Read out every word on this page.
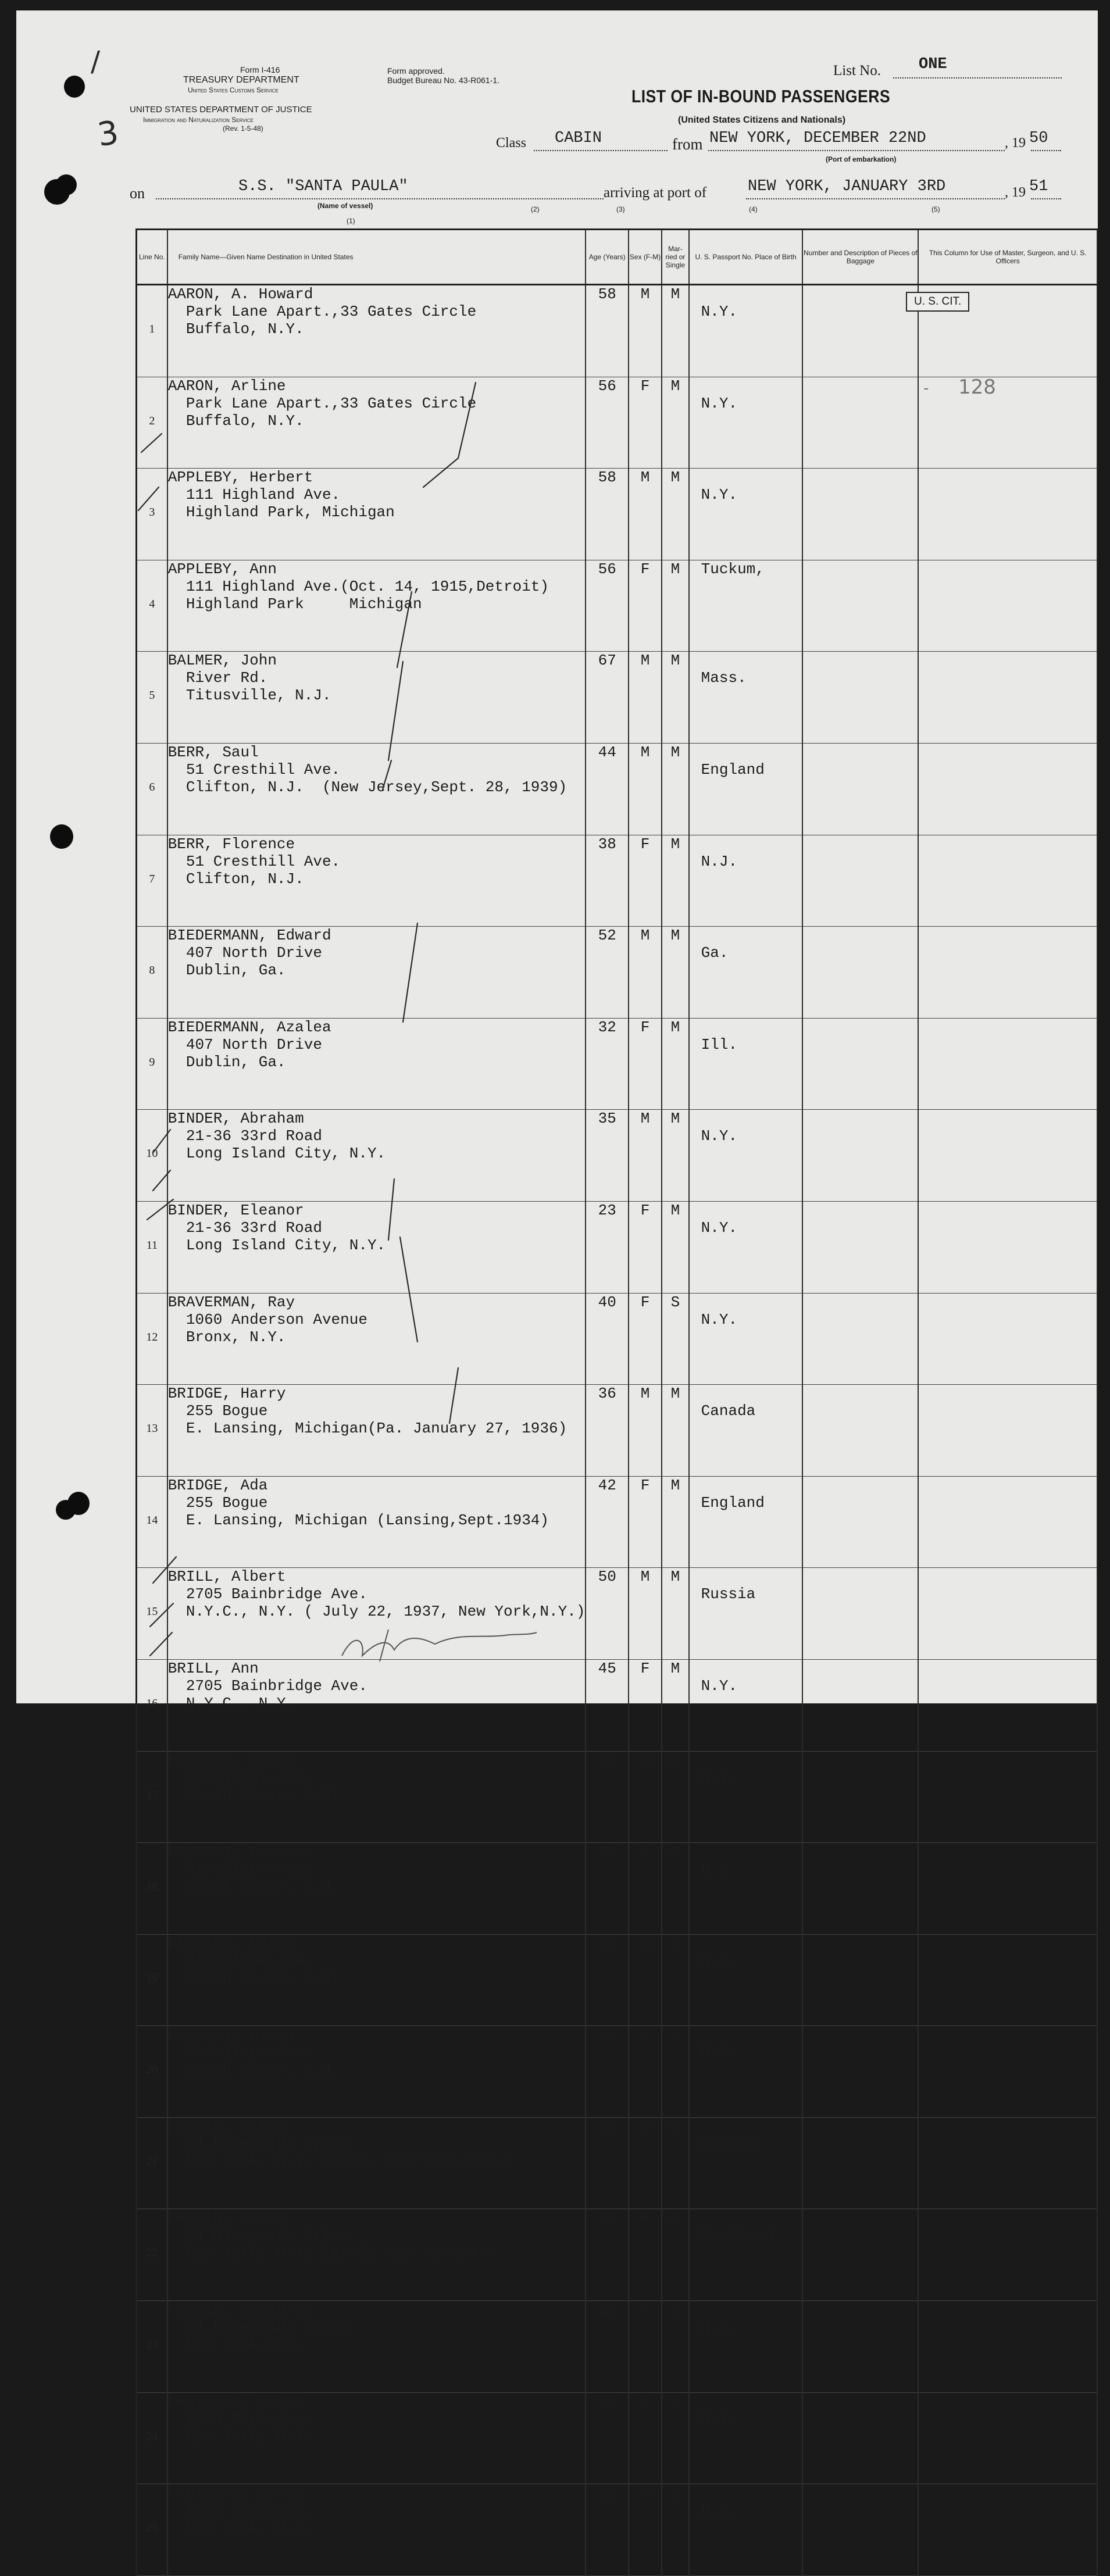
Form I-416
TREASURY DEPARTMENT
United States Customs Service
UNITED STATES DEPARTMENT OF JUSTICE
Immigration and Naturalization Service
(Rev. 1-5-48)
Form approved.
Budget Bureau No. 43-R061-1.
3
/	List No. ONE
LIST OF IN-BOUND PASSENGERS
(United States Citizens and Nationals)
Class CABIN	from NEW YORK, DECEMBER 22ND	, 19 50
(Port of embarkation)
on	S.S. "SANTA PAULA"
(Name of vessel)
arriving at port of	NEW YORK, JANUARY 3RD	, 19 51
(1)
(2)	(3)	(4)	(5)
Line No.	Family Name—Given Name Destination in United States	Age (Years)	Sex (F-M)	Mar-ried or Single	U. S. Passport No. Place of Birth	Number and Description of Pieces of Baggage	This Column for Use of Master, Surgeon, and U. S. Officers
1	AARON, A. Howard
Park Lane Apart.,33 Gates Circle
Buffalo, N.Y.	58	M	M	N.Y.		
2	AARON, Arline
Park Lane Apart.,33 Gates Circle
Buffalo, N.Y.	56	F	M	N.Y.		
3	APPLEBY, Herbert
111 Highland Ave.
Highland Park, Michigan	58	M	M	N.Y.		
4	APPLEBY, Ann
111 Highland Ave.(Oct. 14, 1915,Detroit)
Highland Park     Michigan	56	F	M	Tuckum,		
5	BALMER, John
River Rd.
Titusville, N.J.	67	M	M	Mass.		
6	BERR, Saul
51 Cresthill Ave.
Clifton, N.J.  (New Jersey,Sept. 28, 1939)	44	M	M	England		
7	BERR, Florence
51 Cresthill Ave.
Clifton, N.J.	38	F	M	N.J.		
8	BIEDERMANN, Edward
407 North Drive
Dublin, Ga.	52	M	M	Ga.		
9	BIEDERMANN, Azalea
407 North Drive
Dublin, Ga.	32	F	M	Ill.		
10	BINDER, Abraham
21-36 33rd Road
Long Island City, N.Y.	35	M	M	N.Y.		
11	BINDER, Eleanor
21-36 33rd Road
Long Island City, N.Y.	23	F	M	N.Y.		
12	BRAVERMAN, Ray
1060 Anderson Avenue
Bronx, N.Y.	40	F	S	N.Y.		
13	BRIDGE, Harry
255 Bogue
E. Lansing, Michigan(Pa. January 27, 1936)	36	M	M	Canada		
14	BRIDGE, Ada
255 Bogue
E. Lansing, Michigan (Lansing,Sept.1934)	42	F	M	England		
15	BRILL, Albert
2705 Bainbridge Ave.
N.Y.C., N.Y. ( July 22, 1937, New York,N.Y.)	50	M	M	Russia		
16	BRILL, Ann
2705 Bainbridge Ave.
N.Y.C., N.Y.	45	F	M	N.Y.		
17	BRODSKY, Jacob
71 Wilcox Ave.
South River, N.J.	38	M	M	N.Y.		
18	BRODSKY, Frances
71 Wilcox Ave.
South River, N.J.	34	F	M	N.J.		
19	BRODSKY, Barry
71 Wilcox Ave.
South River, N.J.	13	M	S	N.J.		
20	BRODSKY, Linda
71 Wilcox Ave.
South River, N.J.	9	F	S	N.J.		
21	CHAVIN, Elias
54 Riverside Drive
New York, N.Y. (1922, New York,N.Y.)	46	M	M	Russia		
22	CHAVIN, Linda
54 Riverside Drive
New York, N.Y. (1946, New York,N.Y.	32	F	M	Scotland		
23	CHAVIN, Marjorie
54 Riverside Drive
New York,N.Y.	10	F	S	N.Y.		
24	CHUTJIAN, Fanet
1060 Park Ave.
New York, N.Y.	53	F	W	N.Y.		
25	CHUTJIAN, Levon
1060 Park Ave.
New York, N.Y.	23	M	S	N.Y.		
U. S. CIT.
128
-
